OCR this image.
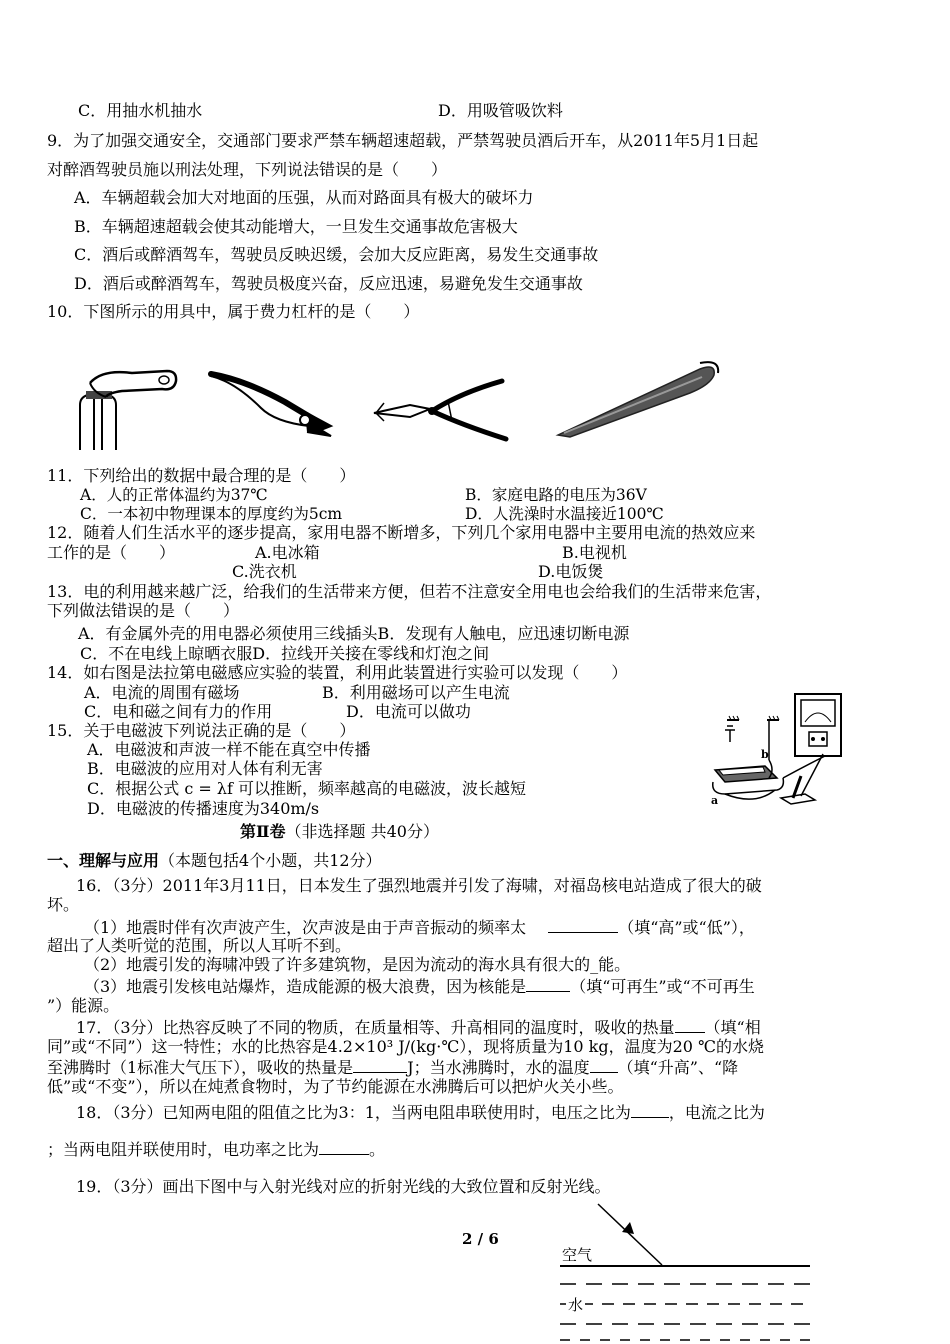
C．用抽水机抽水	D．用吸管吸饮料
9．为了加强交通安全，交通部门要求严禁车辆超速超载，严禁驾驶员酒后开车，从2011年5月1日起
对醉酒驾驶员施以刑法处理，下列说法错误的是（　　）
A．车辆超载会加大对地面的压强，从而对路面具有极大的破坏力
B．车辆超速超载会使其动能增大，一旦发生交通事故危害极大
C．酒后或醉酒驾车，驾驶员反映迟缓，会加大反应距离，易发生交通事故
D．酒后或醉酒驾车，驾驶员极度兴奋，反应迅速，易避免发生交通事故
10．下图所示的用具中，属于费力杠杆的是（　　）
11．下列给出的数据中最合理的是（　　）
A．人的正常体温约为37℃	B．家庭电路的电压为36V
C．一本初中物理课本的厚度约为5cm	D．人洗澡时水温接近100℃
12．随着人们生活水平的逐步提高，家用电器不断增多，下列几个家用电器中主要用电流的热效应来
工作的是（　　）	A.电冰箱	B.电视机
C.洗衣机	D.电饭煲
13．电的利用越来越广泛，给我们的生活带来方便，但若不注意安全用电也会给我们的生活带来危害，
下列做法错误的是（　　）
A．有金属外壳的用电器必须使用三线插头B．发现有人触电，应迅速切断电源
C．不在电线上晾晒衣服D．拉线开关接在零线和灯泡之间
14．如右图是法拉第电磁感应实验的装置，利用此装置进行实验可以发现（　　）
A．电流的周围有磁场	B．利用磁场可以产生电流
C．电和磁之间有力的作用	D．电流可以做功
a
b
15．关于电磁波下列说法正确的是（　　）
A．电磁波和声波一样不能在真空中传播
B．电磁波的应用对人体有利无害
C．根据公式 c = λf 可以推断，频率越高的电磁波，波长越短
D．电磁波的传播速度为340m/s
第Ⅱ卷（非选择题 共40分）
一、理解与应用（本题包括4个小题，共12分）
16．（3分）2011年3月11日，日本发生了强烈地震并引发了海啸，对福岛核电站造成了很大的破
坏。
（1）地震时伴有次声波产生，次声波是由于声音振动的频率太	（填“高”或“低”），
超出了人类听觉的范围，所以人耳听不到。
（2）地震引发的海啸冲毁了许多建筑物，是因为流动的海水具有很大的_能。
（3）地震引发核电站爆炸，造成能源的极大浪费，因为核能是	（填“可再生”或“不可再生
”）能源。
17．（3分）比热容反映了不同的物质，在质量相等、升高相同的温度时，吸收的热量 （填“相
同”或“不同”）这一特性；水的比热容是4.2×10³ J/(kg·℃），现将质量为10 kg，温度为20 ℃的水烧
至沸腾时（1标准大气压下），吸收的热量是	J；当水沸腾时，水的温度 （填“升高”、“降
低”或“不变”），所以在炖煮食物时，为了节约能源在水沸腾后可以把炉火关小些。
18．（3分）已知两电阻的阻值之比为3：1，当两电阻串联使用时，电压之比为 ，电流之比为
；当两电阻并联使用时，电功率之比为	。
19．（3分）画出下图中与入射光线对应的折射光线的大致位置和反射光线。
2 / 6
空气
水
